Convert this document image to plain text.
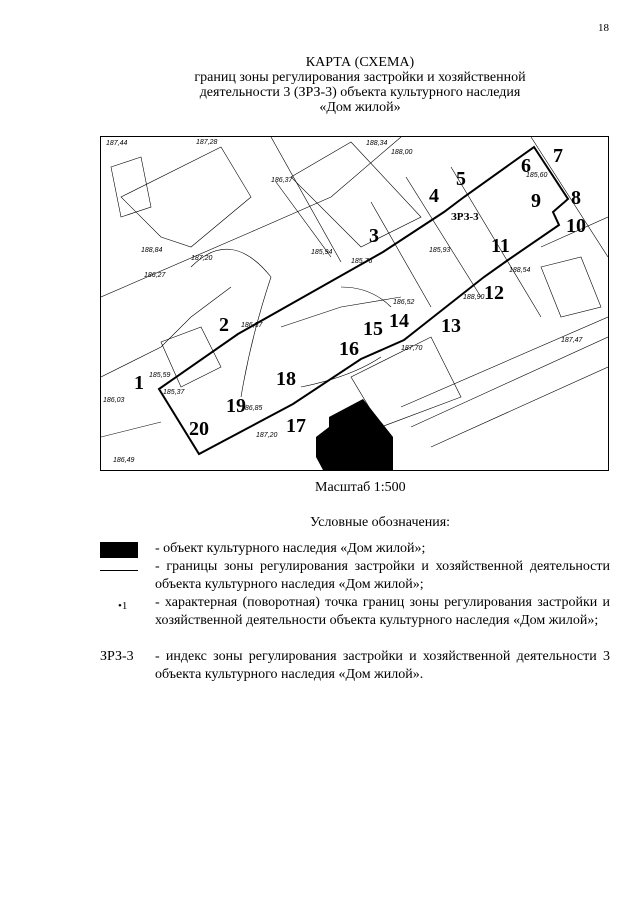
18
КАРТА (СХЕМА)
границ зоны регулирования застройки и хозяйственной
деятельности 3 (ЗРЗ-3) объекта культурного наследия
«Дом жилой»
ЗРЗ-3
1
2
3
4
5
6 7
8
9
10
11
12
13
14
15
16
17
18
19
20
187,44	187,28	188,34
188,00
186,37
185,94
185,76
185,93
188,84
187,20
186,27
186,57
186,52
188,54
188,90
187,47
185,59
185,37
186,03
186,49
187,20
186,85
187,70
185,60
Масштаб 1:500
Условные обозначения:
- объект культурного наследия «Дом жилой»;
- границы зоны регулирования застройки и хозяйственной деятельности объекта культурного наследия «Дом жилой»;
•1	- характерная (поворотная) точка границ зоны регулирования застройки и хозяйственной деятельности объекта культурного наследия «Дом жилой»;
ЗРЗ-3	- индекс зоны регулирования застройки и хозяйственной деятельности 3 объекта культурного наследия «Дом жилой».
